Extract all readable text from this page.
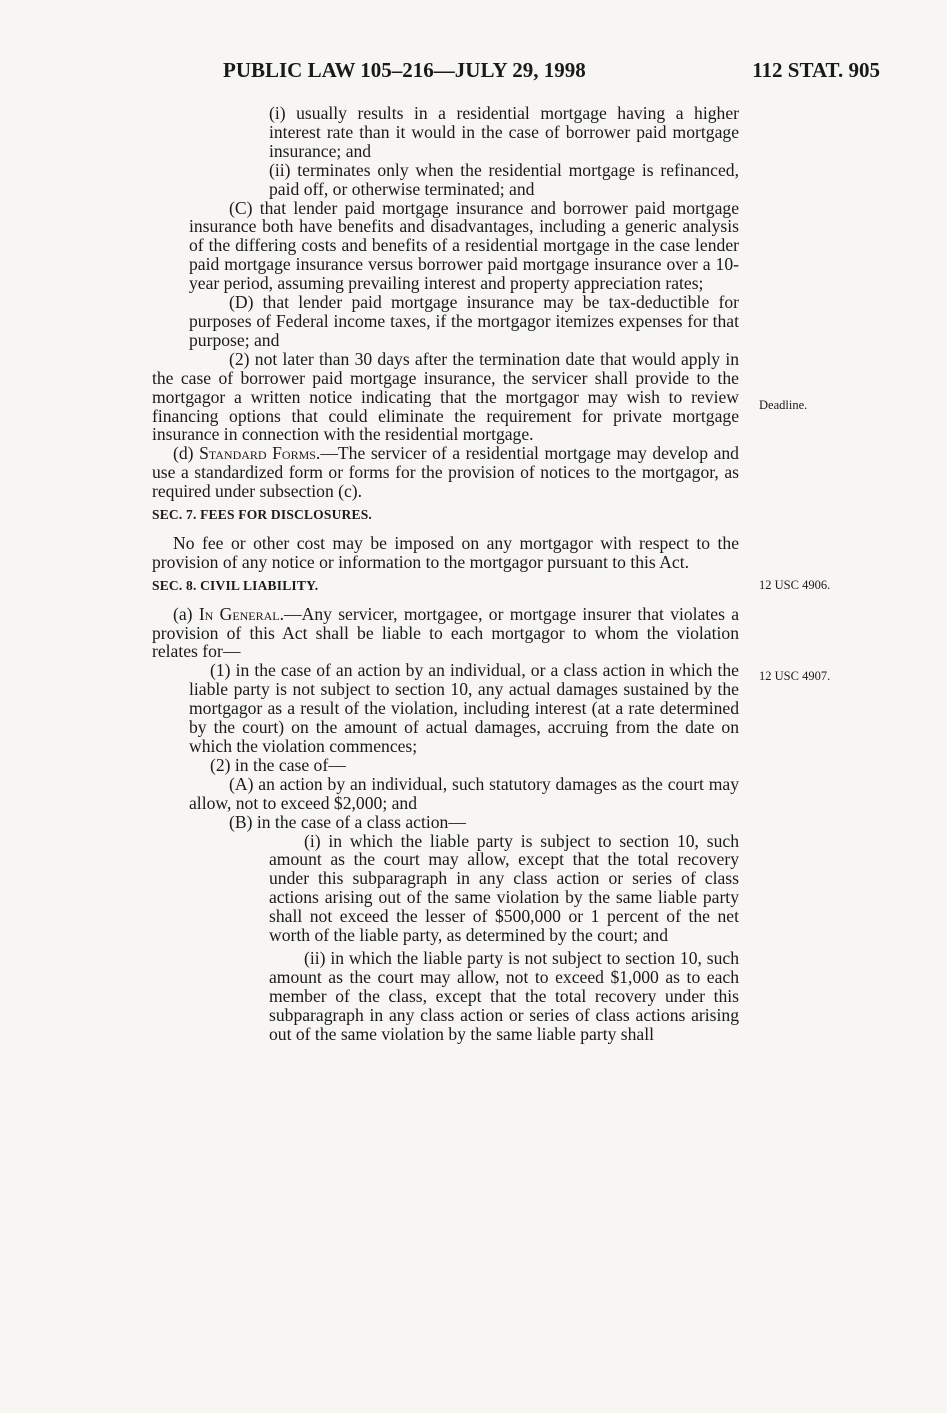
PUBLIC LAW 105–216—JULY 29, 1998	112 STAT. 905
Deadline.
12 USC 4906.
12 USC 4907.

(i) usually results in a residential mortgage having a higher interest rate than it would in the case of borrower paid mortgage insurance; and

(ii) terminates only when the residential mortgage is refinanced, paid off, or otherwise terminated; and

(C) that lender paid mortgage insurance and borrower paid mortgage insurance both have benefits and disadvantages, including a generic analysis of the differing costs and benefits of a residential mortgage in the case lender paid mortgage insurance versus borrower paid mortgage insurance over a 10-year period, assuming prevailing interest and property appreciation rates;

(D) that lender paid mortgage insurance may be tax-deductible for purposes of Federal income taxes, if the mortgagor itemizes expenses for that purpose; and

(2) not later than 30 days after the termination date that would apply in the case of borrower paid mortgage insurance, the servicer shall provide to the mortgagor a written notice indicating that the mortgagor may wish to review financing options that could eliminate the requirement for private mortgage insurance in connection with the residential mortgage.

(d) Standard Forms.—The servicer of a residential mortgage may develop and use a standardized form or forms for the provision of notices to the mortgagor, as required under subsection (c).

SEC. 7. FEES FOR DISCLOSURES.

No fee or other cost may be imposed on any mortgagor with respect to the provision of any notice or information to the mortgagor pursuant to this Act.

SEC. 8. CIVIL LIABILITY.

(a) In General.—Any servicer, mortgagee, or mortgage insurer that violates a provision of this Act shall be liable to each mortgagor to whom the violation relates for—

(1) in the case of an action by an individual, or a class action in which the liable party is not subject to section 10, any actual damages sustained by the mortgagor as a result of the violation, including interest (at a rate determined by the court) on the amount of actual damages, accruing from the date on which the violation commences;

(2) in the case of—

(A) an action by an individual, such statutory damages as the court may allow, not to exceed $2,000; and

(B) in the case of a class action—

(i) in which the liable party is subject to section 10, such amount as the court may allow, except that the total recovery under this subparagraph in any class action or series of class actions arising out of the same violation by the same liable party shall not exceed the lesser of $500,000 or 1 percent of the net worth of the liable party, as determined by the court; and

(ii) in which the liable party is not subject to section 10, such amount as the court may allow, not to exceed $1,000 as to each member of the class, except that the total recovery under this subparagraph in any class action or series of class actions arising out of the same violation by the same liable party shall
